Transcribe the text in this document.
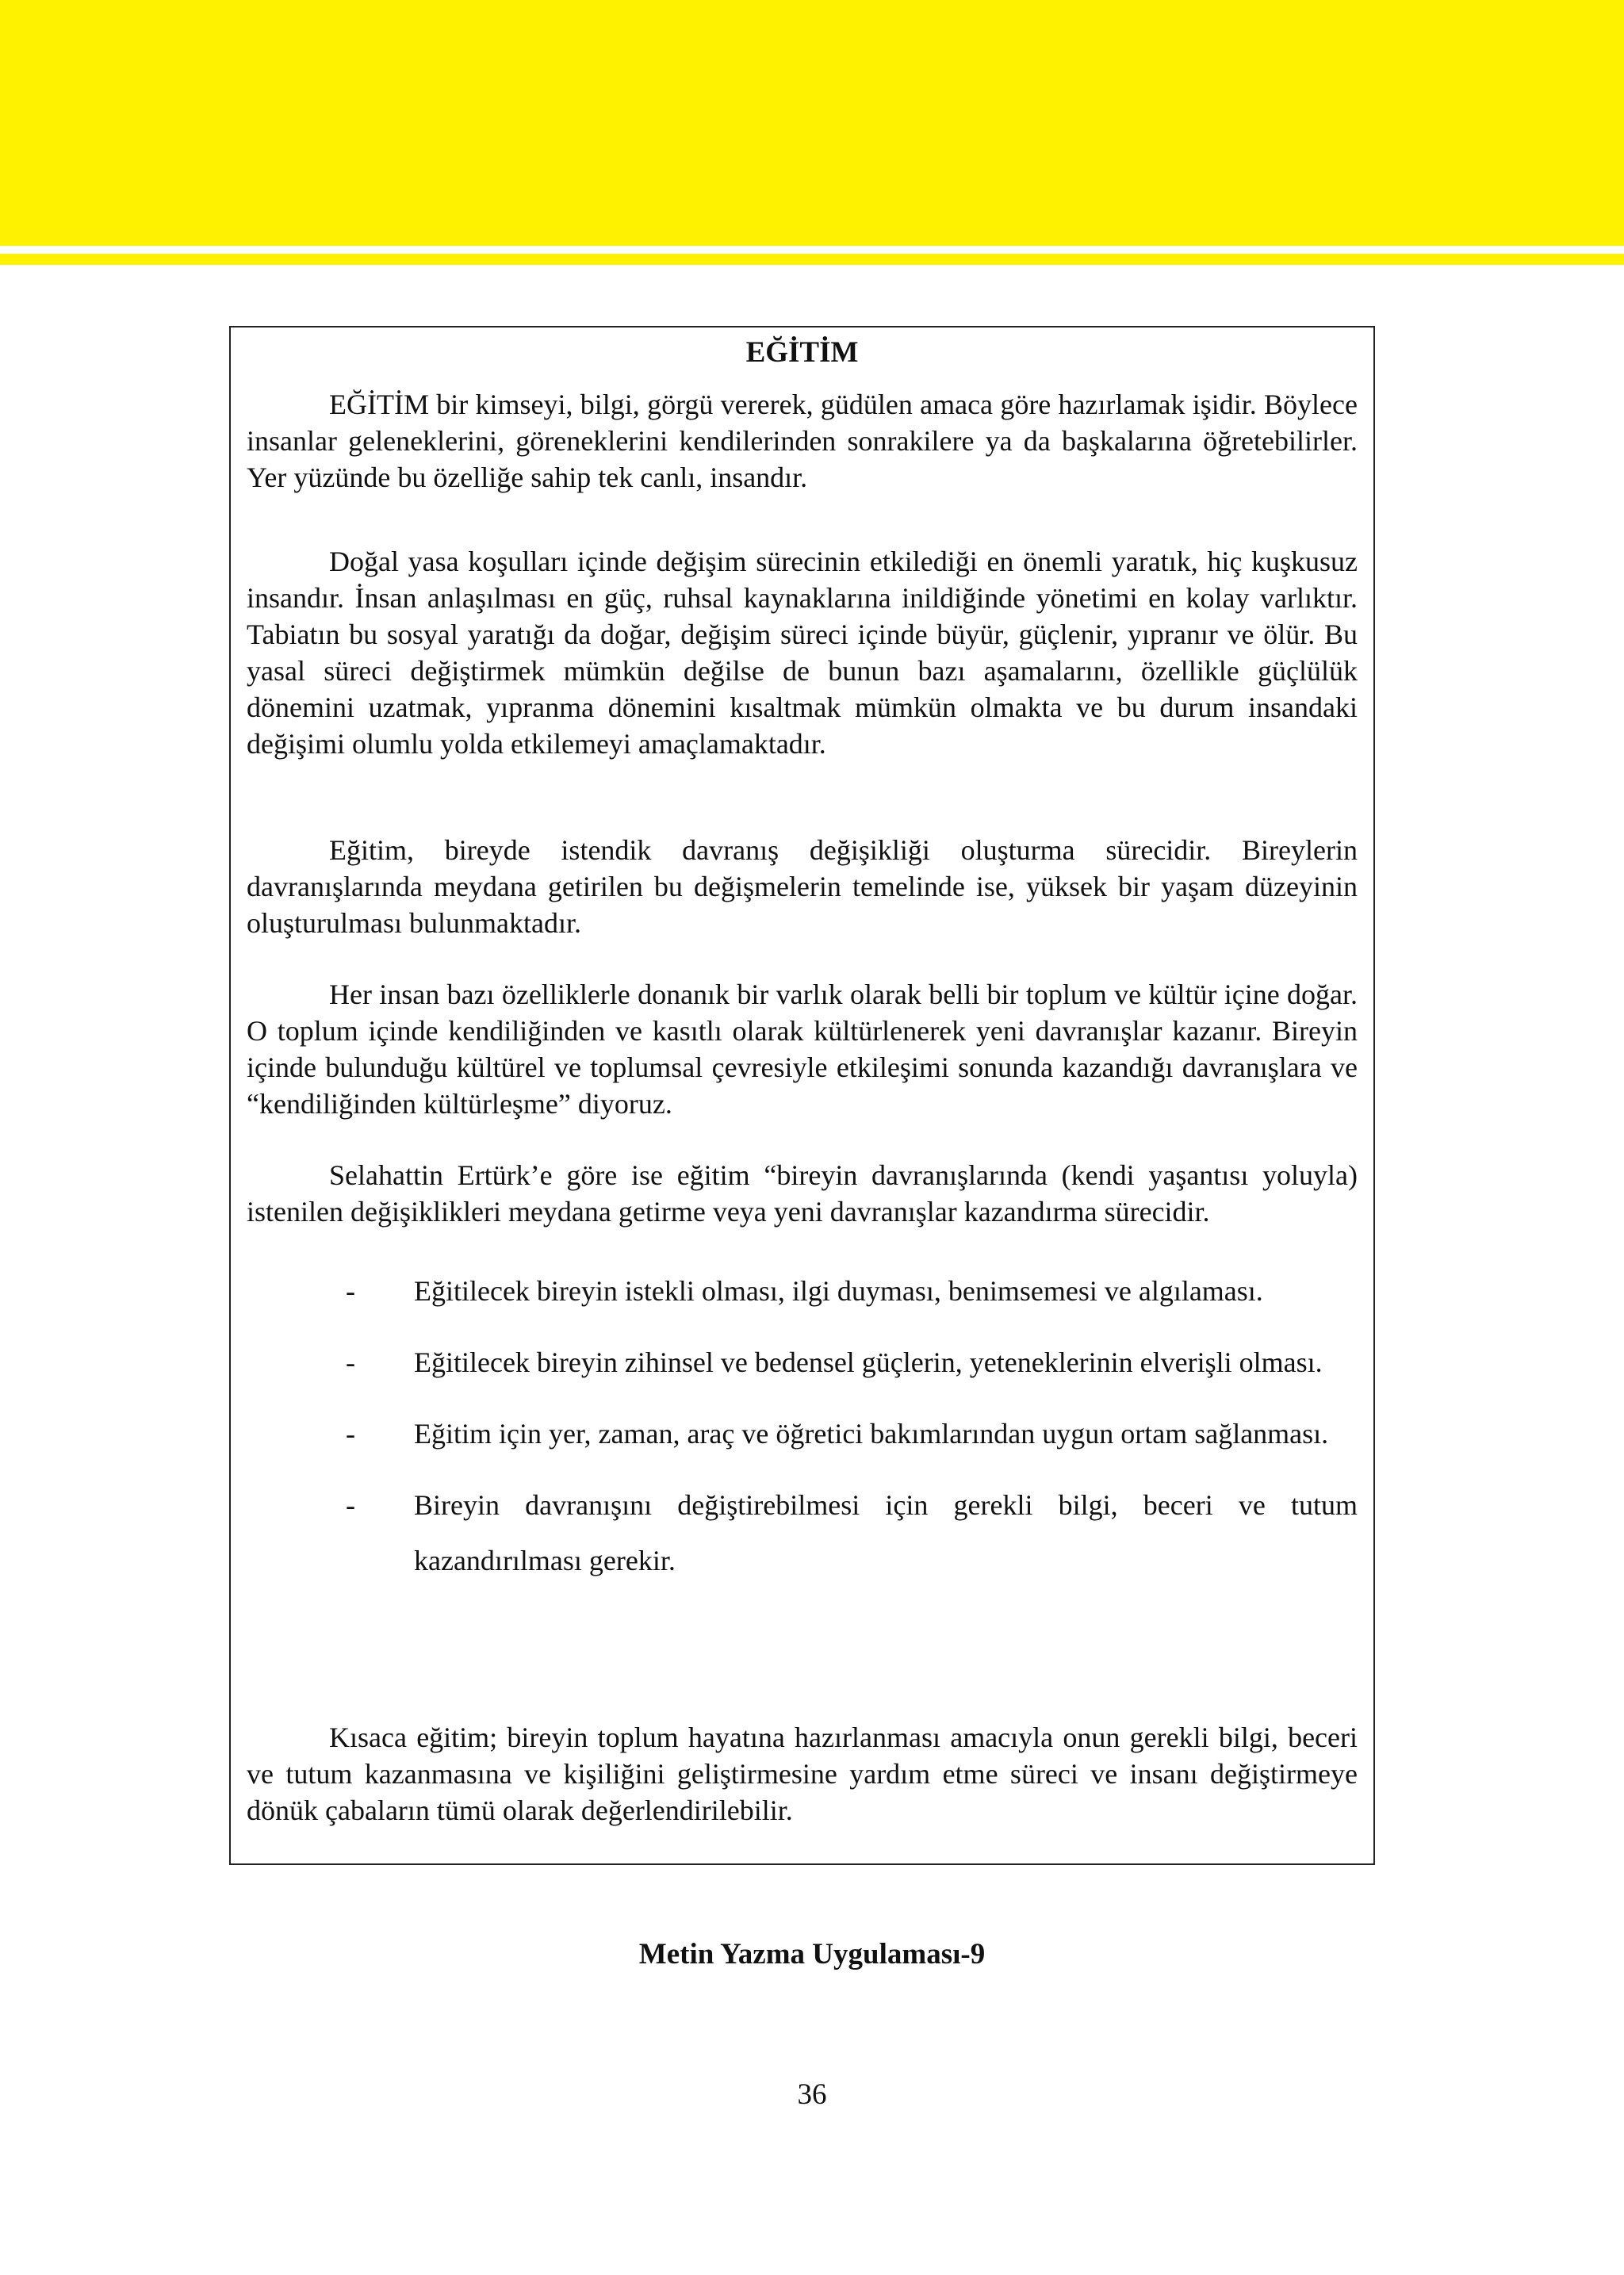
EĞİTİM

EĞİTİM bir kimseyi, bilgi, görgü vererek, güdülen amaca göre hazırlamak işidir. Böylece insanlar geleneklerini, göreneklerini kendilerinden sonrakilere ya da başkalarına öğretebilirler. Yer yüzünde bu özelliğe sahip tek canlı, insandır.

Doğal yasa koşulları içinde değişim sürecinin etkilediği en önemli yaratık, hiç kuşkusuz insandır. İnsan anlaşılması en güç, ruhsal kaynaklarına inildiğinde yönetimi en kolay varlıktır. Tabiatın bu sosyal yaratığı da doğar, değişim süreci içinde büyür, güçlenir, yıpranır ve ölür. Bu yasal süreci değiştirmek mümkün değilse de bunun bazı aşamalarını, özellikle güçlülük dönemini uzatmak, yıpranma dönemini kısaltmak mümkün olmakta ve bu durum insandaki değişimi olumlu yolda etkilemeyi amaçlamaktadır.

Eğitim, bireyde istendik davranış değişikliği oluşturma sürecidir. Bireylerin davranışlarında meydana getirilen bu değişmelerin temelinde ise, yüksek bir yaşam düzeyinin oluşturulması bulunmaktadır.

Her insan bazı özelliklerle donanık bir varlık olarak belli bir toplum ve kültür içine doğar. O toplum içinde kendiliğinden ve kasıtlı olarak kültürlenerek yeni davranışlar kazanır. Bireyin içinde bulunduğu kültürel ve toplumsal çevresiyle etkileşimi sonunda kazandığı davranışlara ve “kendiliğinden kültürleşme” diyoruz.

Selahattin Ertürk’e göre ise eğitim “bireyin davranışlarında (kendi yaşantısı yoluyla) istenilen değişiklikleri meydana getirme veya yeni davranışlar kazandırma sürecidir.

- Eğitilecek bireyin istekli olması, ilgi duyması, benimsemesi ve algılaması.
- Eğitilecek bireyin zihinsel ve bedensel güçlerin, yeteneklerinin elverişli olması.
- Eğitim için yer, zaman, araç ve öğretici bakımlarından uygun ortam sağlanması.
- Bireyin davranışını değiştirebilmesi için gerekli bilgi, beceri ve tutum kazandırılması gerekir.

Kısaca eğitim; bireyin toplum hayatına hazırlanması amacıyla onun gerekli bilgi, beceri ve tutum kazanmasına ve kişiliğini geliştirmesine yardım etme süreci ve insanı değiştirmeye dönük çabaların tümü olarak değerlendirilebilir.

Metin Yazma Uygulaması-9
36
